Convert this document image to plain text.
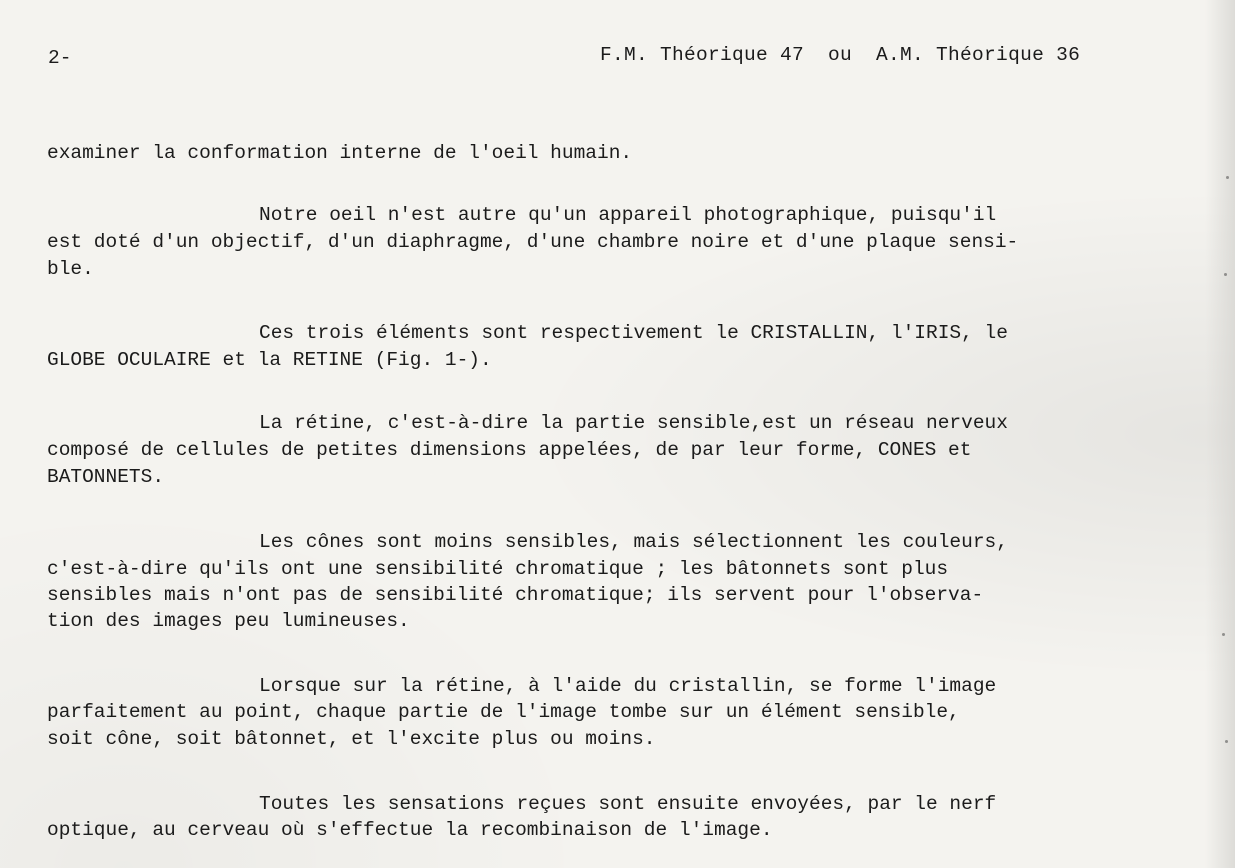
2-	F.M. Théorique 47  ou  A.M. Théorique 36
examiner la conformation interne de l'oeil humain.
Notre oeil n'est autre qu'un appareil photographique, puisqu'il
est doté d'un objectif, d'un diaphragme, d'une chambre noire et d'une plaque sensi-
ble.
Ces trois éléments sont respectivement le CRISTALLIN, l'IRIS, le
GLOBE OCULAIRE et la RETINE (Fig. 1-).
La rétine, c'est-à-dire la partie sensible,est un réseau nerveux
composé de cellules de petites dimensions appelées, de par leur forme, CONES et
BATONNETS.
Les cônes sont moins sensibles, mais sélectionnent les couleurs,
c'est-à-dire qu'ils ont une sensibilité chromatique ; les bâtonnets sont plus
sensibles mais n'ont pas de sensibilité chromatique; ils servent pour l'observa-
tion des images peu lumineuses.
Lorsque sur la rétine, à l'aide du cristallin, se forme l'image
parfaitement au point, chaque partie de l'image tombe sur un élément sensible,
soit cône, soit bâtonnet, et l'excite plus ou moins.
Toutes les sensations reçues sont ensuite envoyées, par le nerf
optique, au cerveau où s'effectue la recombinaison de l'image.
